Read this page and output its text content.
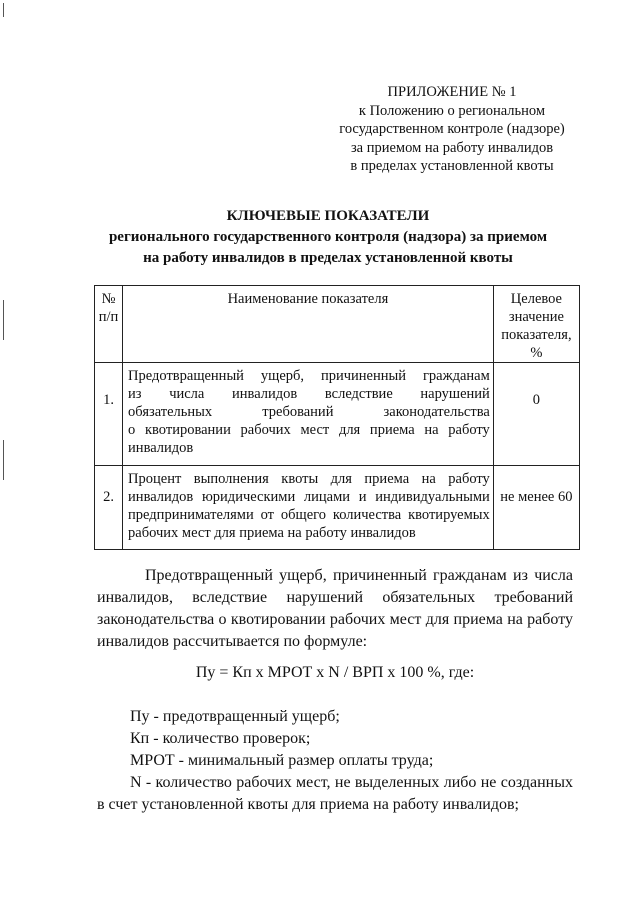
ПРИЛОЖЕНИЕ № 1
к Положению о региональном
государственном контроле (надзоре)
за приемом на работу инвалидов
в пределах установленной квоты
КЛЮЧЕВЫЕ ПОКАЗАТЕЛИ
регионального государственного контроля (надзора) за приемом
на работу инвалидов в пределах установленной квоты
№
п/п	Наименование показателя	Целевое
значение
показателя,
%

1.	Предотвращенный ущерб, причиненный гражданам
из числа инвалидов вследствие нарушений
обязательных требований законодательства
о квотировании рабочих мест для приема на работу
инвалидов	0

2.	Процент выполнения квоты для приема на работу
инвалидов юридическими лицами и индивидуальными
предпринимателями от общего количества квотируемых
рабочих мест для приема на работу инвалидов	не менее 60
Предотвращенный ущерб, причиненный гражданам из числа
инвалидов, вследствие нарушений обязательных требований
законодательства о квотировании рабочих мест для приема на работу
инвалидов рассчитывается по формуле:
Пу = Кп x МРОТ x N / ВРП x 100 %, где:
Пу - предотвращенный ущерб;
Кп - количество проверок;
МРОТ - минимальный размер оплаты труда;
N - количество рабочих мест, не выделенных либо не созданных
в счет установленной квоты для приема на работу инвалидов;
